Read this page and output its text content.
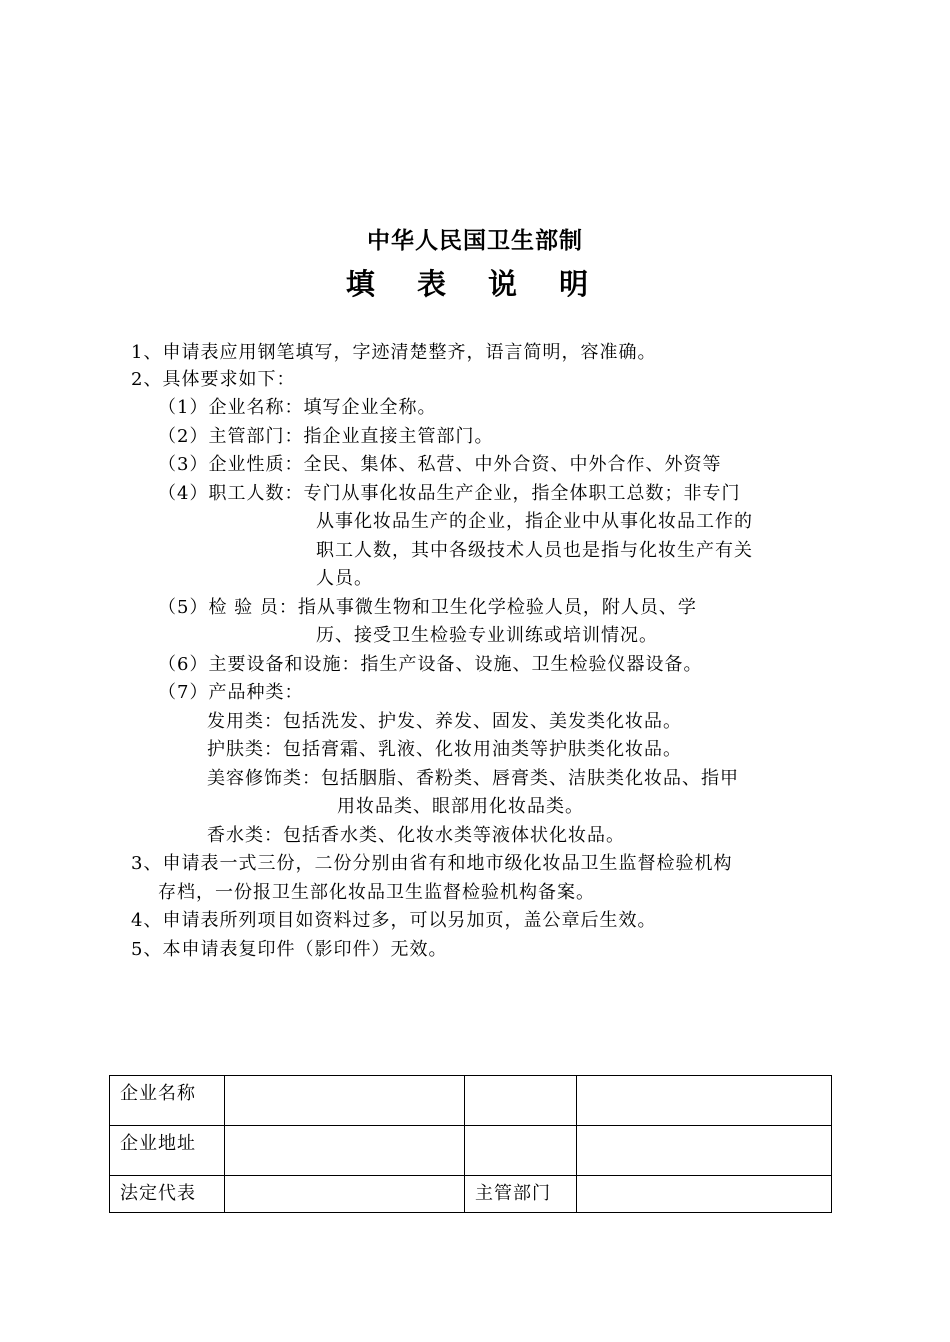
中华人民国卫生部制
填 表 说 明
1、申请表应用钢笔填写，字迹清楚整齐，语言简明，容准确。
2、具体要求如下：
（1）企业名称：填写企业全称。
（2）主管部门：指企业直接主管部门。
（3）企业性质：全民、集体、私营、中外合资、中外合作、外资等
（4）职工人数：专门从事化妆品生产企业，指全体职工总数；非专门
从事化妆品生产的企业，指企业中从事化妆品工作的
职工人数，其中各级技术人员也是指与化妆生产有关
人员。
（5）检 验 员：指从事微生物和卫生化学检验人员，附人员、学
历、接受卫生检验专业训练或培训情况。
（6）主要设备和设施：指生产设备、设施、卫生检验仪器设备。
（7）产品种类：
发用类：包括洗发、护发、养发、固发、美发类化妆品。
护肤类：包括膏霜、乳液、化妆用油类等护肤类化妆品。
美容修饰类：包括胭脂、香粉类、唇膏类、洁肤类化妆品、指甲
用妆品类、眼部用化妆品类。
香水类：包括香水类、化妆水类等液体状化妆品。
3、申请表一式三份，二份分别由省有和地市级化妆品卫生监督检验机构
存档，一份报卫生部化妆品卫生监督检验机构备案。
4、申请表所列项目如资料过多，可以另加页，盖公章后生效。
5、本申请表复印件（影印件）无效。
企业名称			
企业地址			
法定代表		主管部门	
